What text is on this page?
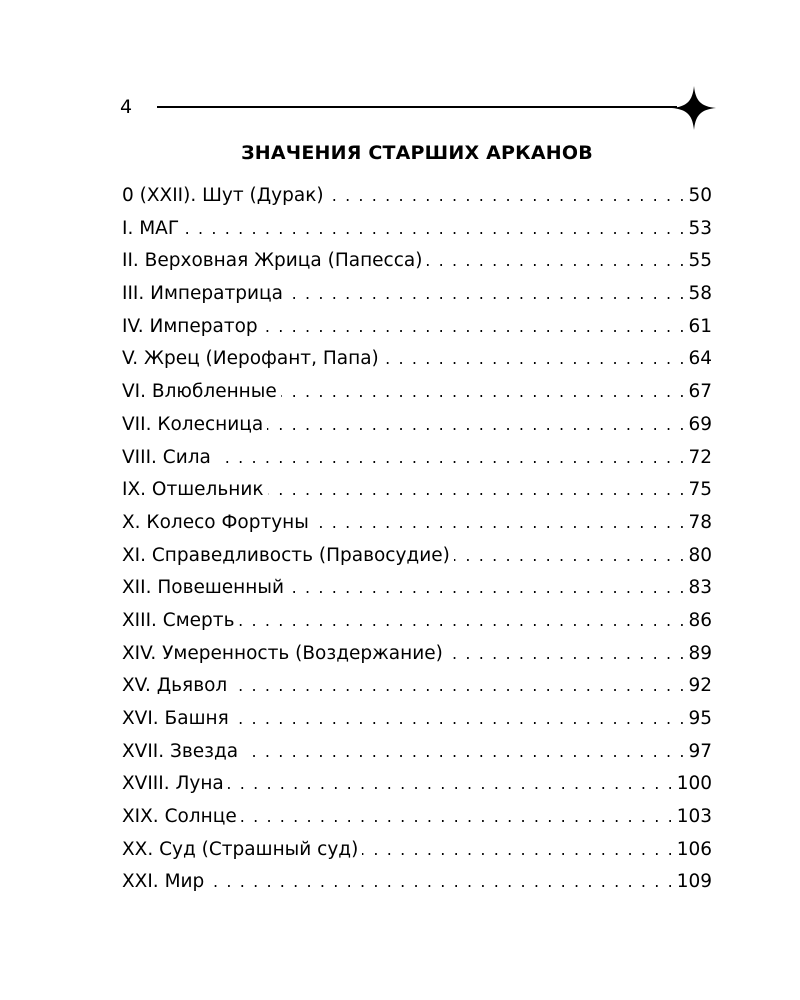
4
ЗНАЧЕНИЯ СТАРШИХ АРКАНОВ
0 (XXII). Шут (Дурак) . . .	50
I. МАГ . . .	53
II. Верховная Жрица (Папесса) . . .	55
III. Императрица . . .	58
IV. Император . . .	61
V. Жрец (Иерофант, Папа) . . .	64
VI. Влюбленные . . .	67
VII. Колесница . . .	69
VIII. Сила . . .	72
IX. Отшельник . . .	75
X. Колесо Фортуны . . .	78
XI. Справедливость (Правосудие) . . .	80
XII. Повешенный . . .	83
XIII. Смерть . . .	86
XIV. Умеренность (Воздержание) . . .	89
XV. Дьявол . . .	92
XVI. Башня . . .	95
XVII. Звезда . . .	97
XVIII. Луна . . .	100
XIX. Солнце . . .	103
XX. Суд (Страшный суд) . . .	106
XXI. Мир . . .	109
